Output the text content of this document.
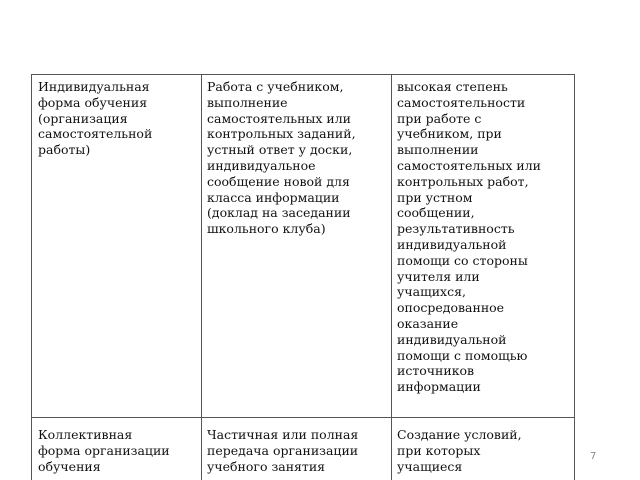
Индивидуальная
форма обучения
(организация
самостоятельной
работы)
Работа с учебником,
выполнение
самостоятельных или
контрольных заданий,
устный ответ у доски,
индивидуальное
сообщение новой для
класса информации
(доклад на заседании
школьного клуба)
высокая степень
самостоятельности
при работе с
учебником, при
выполнении
самостоятельных или
контрольных работ,
при устном
сообщении,
результативность
индивидуальной
помощи со стороны
учителя или
учащихся,
опосредованное
оказание
индивидуальной
помощи с помощью
источников
информации
Коллективная
форма организации
обучения
Частичная или полная
передача организации
учебного занятия
Создание условий,
при которых
учащиеся
7
